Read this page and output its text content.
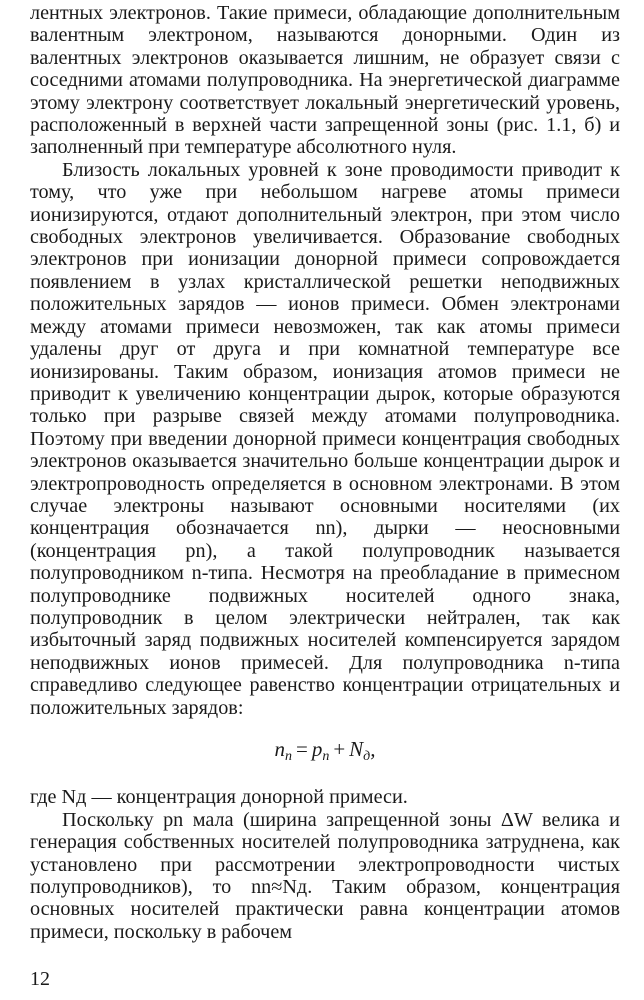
лентных электронов. Такие примеси, обладающие дополнительным валентным электроном, называются донорными. Один из валентных электронов оказывается лишним, не образует связи с соседними атомами полупроводника. На энергетической диаграмме этому электрону соответствует локальный энергетический уровень, расположенный в верхней части запрещенной зоны (рис. 1.1, б) и заполненный при температуре абсолютного нуля.

Близость локальных уровней к зоне проводимости приводит к тому, что уже при небольшом нагреве атомы примеси ионизируются, отдают дополнительный электрон, при этом число свободных электронов увеличивается. Образование свободных электронов при ионизации донорной примеси сопровождается появлением в узлах кристаллической решетки неподвижных положительных зарядов — ионов примеси. Обмен электронами между атомами примеси невозможен, так как атомы примеси удалены друг от друга и при комнатной температуре все ионизированы. Таким образом, ионизация атомов примеси не приводит к увеличению концентрации дырок, которые образуются только при разрыве связей между атомами полупроводника. Поэтому при введении донорной примеси концентрация свободных электронов оказывается значительно больше концентрации дырок и электропроводность определяется в основном электронами. В этом случае электроны называют основными носителями (их концентрация обозначается nn), дырки — неосновными (концентрация pn), а такой полупроводник называется полупроводником n-типа. Несмотря на преобладание в примесном полупроводнике подвижных носителей одного знака, полупроводник в целом электрически нейтрален, так как избыточный заряд подвижных носителей компенсируется зарядом неподвижных ионов примесей. Для полупроводника n-типа справедливо следующее равенство концентрации отрицательных и положительных зарядов:

$n_n = p_n + N_д$,

где Nд — концентрация донорной примеси.

Поскольку pn мала (ширина запрещенной зоны ΔW велика и генерация собственных носителей полупроводника затруднена, как установлено при рассмотрении электропроводности чистых полупроводников), то nn≈Nд. Таким образом, концентрация основных носителей практически равна концентрации атомов примеси, поскольку в рабочем

12
